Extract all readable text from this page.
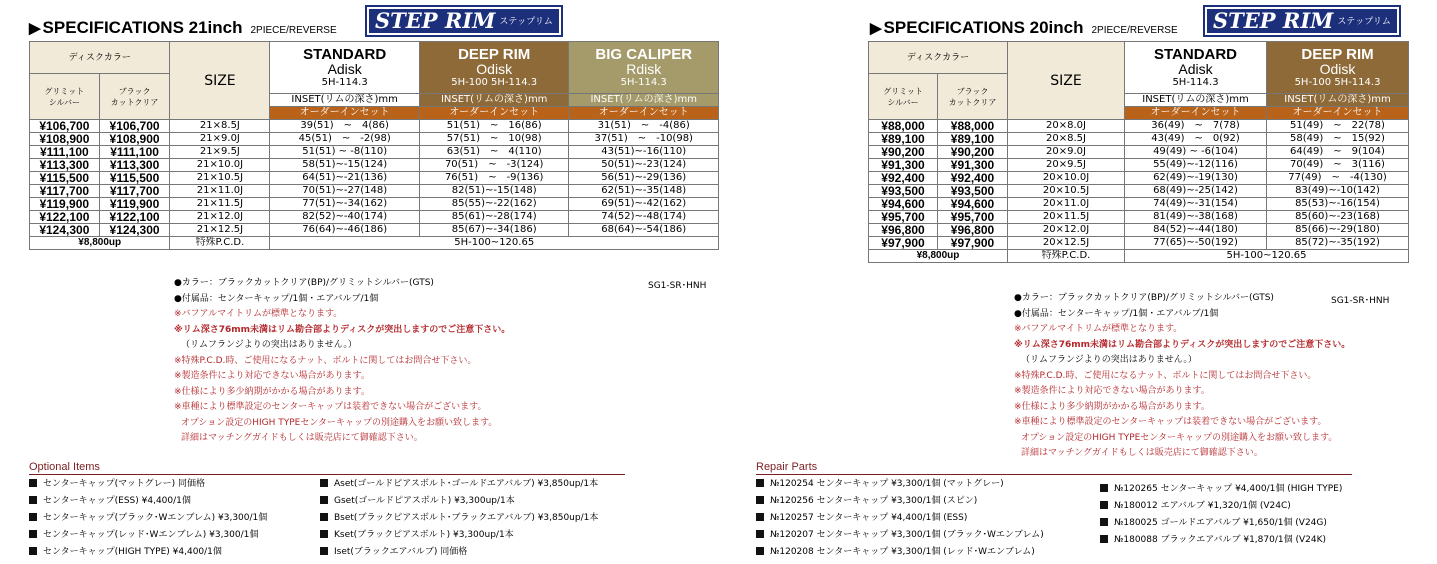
▶ SPECIFICATIONS 21inch 2PIECE/REVERSE	STEP RIM ステップリム
ディスクカラー		SIZE	STANDARD
Adisk
5H-114.3	DEEP RIM
Odisk
5H-100 5H-114.3	BIG CALIPER
Rdisk
5H-114.3

グリミット
シルバー	ブラック
カットクリア				
			INSET(リムの深さ)mm	INSET(リムの深さ)mm	INSET(リムの深さ)mm
			オーダーインセット	オーダーインセット	オーダーインセット
¥106,700	¥106,700	21×8.5J	39(51)　~　4(86)	51(51)　~　16(86)	31(51)　~　-4(86)
¥108,900	¥108,900	21×9.0J	45(51)　~　-2(98)	57(51)　~　10(98)	37(51)　~　-10(98)
¥111,100	¥111,100	21×9.5J	51(51) ~ -8(110)	63(51)　~　4(110)	43(51)~-16(110)
¥113,300	¥113,300	21×10.0J	58(51)~-15(124)	70(51)　~　-3(124)	50(51)~-23(124)
¥115,500	¥115,500	21×10.5J	64(51)~-21(136)	76(51)　~　-9(136)	56(51)~-29(136)
¥117,700	¥117,700	21×11.0J	70(51)~-27(148)	82(51)~-15(148)	62(51)~-35(148)
¥119,900	¥119,900	21×11.5J	77(51)~-34(162)	85(55)~-22(162)	69(51)~-42(162)
¥122,100	¥122,100	21×12.0J	82(52)~-40(174)	85(61)~-28(174)	74(52)~-48(174)
¥124,300	¥124,300	21×12.5J	76(64)~-46(186)	85(67)~-34(186)	68(64)~-54(186)
¥8,800up		特殊P.C.D.	5H-100~120.65		
●カラー：ブラックカットクリア(BP)/グリミットシルバー(GTS)
●付属品：センターキャップ/1個・エアバルブ/1個
※バフアルマイトリムが標準となります。
※リム深さ76mm未満はリム勘合部よりディスクが突出しますのでご注意下さい。
（リムフランジよりの突出はありません。）
※特殊P.C.D.時、ご使用になるナット、ボルトに関してはお問合せ下さい。
※製造条件により対応できない場合があります。
※仕様により多少納期がかかる場合があります。
※車種により標準設定のセンターキャップは装着できない場合がございます。
オプション設定のHIGH TYPEセンターキャップの別途購入をお願い致します。
詳細はマッチングガイドもしくは販売店にて御確認下さい。
SG1-SR･HNH
▶ SPECIFICATIONS 20inch 2PIECE/REVERSE	STEP RIM ステップリム
ディスクカラー		SIZE	STANDARD
Adisk
5H-114.3	DEEP RIM
Odisk
5H-100 5H-114.3

グリミット
シルバー	ブラック
カットクリア			
			INSET(リムの深さ)mm	INSET(リムの深さ)mm
			オーダーインセット	オーダーインセット
¥88,000	¥88,000	20×8.0J	36(49)　~　7(78)	51(49)　~　22(78)
¥89,100	¥89,100	20×8.5J	43(49)　~　0(92)	58(49)　~　15(92)
¥90,200	¥90,200	20×9.0J	49(49) ~ -6(104)	64(49)　~　9(104)
¥91,300	¥91,300	20×9.5J	55(49)~-12(116)	70(49)　~　3(116)
¥92,400	¥92,400	20×10.0J	62(49)~-19(130)	77(49)　~　-4(130)
¥93,500	¥93,500	20×10.5J	68(49)~-25(142)	83(49)~-10(142)
¥94,600	¥94,600	20×11.0J	74(49)~-31(154)	85(53)~-16(154)
¥95,700	¥95,700	20×11.5J	81(49)~-38(168)	85(60)~-23(168)
¥96,800	¥96,800	20×12.0J	84(52)~-44(180)	85(66)~-29(180)
¥97,900	¥97,900	20×12.5J	77(65)~-50(192)	85(72)~-35(192)
¥8,800up		特殊P.C.D.	5H-100~120.65	
●カラー：ブラックカットクリア(BP)/グリミットシルバー(GTS)
●付属品：センターキャップ/1個・エアバルブ/1個
※バフアルマイトリムが標準となります。
※リム深さ76mm未満はリム勘合部よりディスクが突出しますのでご注意下さい。
（リムフランジよりの突出はありません。）
※特殊P.C.D.時、ご使用になるナット、ボルトに関してはお問合せ下さい。
※製造条件により対応できない場合があります。
※仕様により多少納期がかかる場合があります。
※車種により標準設定のセンターキャップは装着できない場合がございます。
オプション設定のHIGH TYPEセンターキャップの別途購入をお願い致します。
詳細はマッチングガイドもしくは販売店にて御確認下さい。
SG1-SR･HNH
Optional Items
センターキャップ(マットグレー) 同価格
センターキャップ(ESS) ¥4,400/1個
センターキャップ(ブラック･Wエンブレム) ¥3,300/1個
センターキャップ(レッド･Wエンブレム) ¥3,300/1個
センターキャップ(HIGH TYPE) ¥4,400/1個
Aset(ゴールドピアスボルト･ゴールドエアバルブ) ¥3,850up/1本
Gset(ゴールドピアスボルト) ¥3,300up/1本
Bset(ブラックピアスボルト･ブラックエアバルブ) ¥3,850up/1本
Kset(ブラックピアスボルト) ¥3,300up/1本
Iset(ブラックエアバルブ) 同価格
Repair Parts
№120254 センターキャップ ¥3,300/1個 (マットグレー)
№120256 センターキャップ ¥3,300/1個 (スピン)
№120257 センターキャップ ¥4,400/1個 (ESS)
№120207 センターキャップ ¥3,300/1個 (ブラック･Wエンブレム)
№120208 センターキャップ ¥3,300/1個 (レッド･Wエンブレム)
№120265 センターキャップ ¥4,400/1個 (HIGH TYPE)
№180012 エアバルブ ¥1,320/1個 (V24C)
№180025 ゴールドエアバルブ ¥1,650/1個 (V24G)
№180088 ブラックエアバルブ ¥1,870/1個 (V24K)
